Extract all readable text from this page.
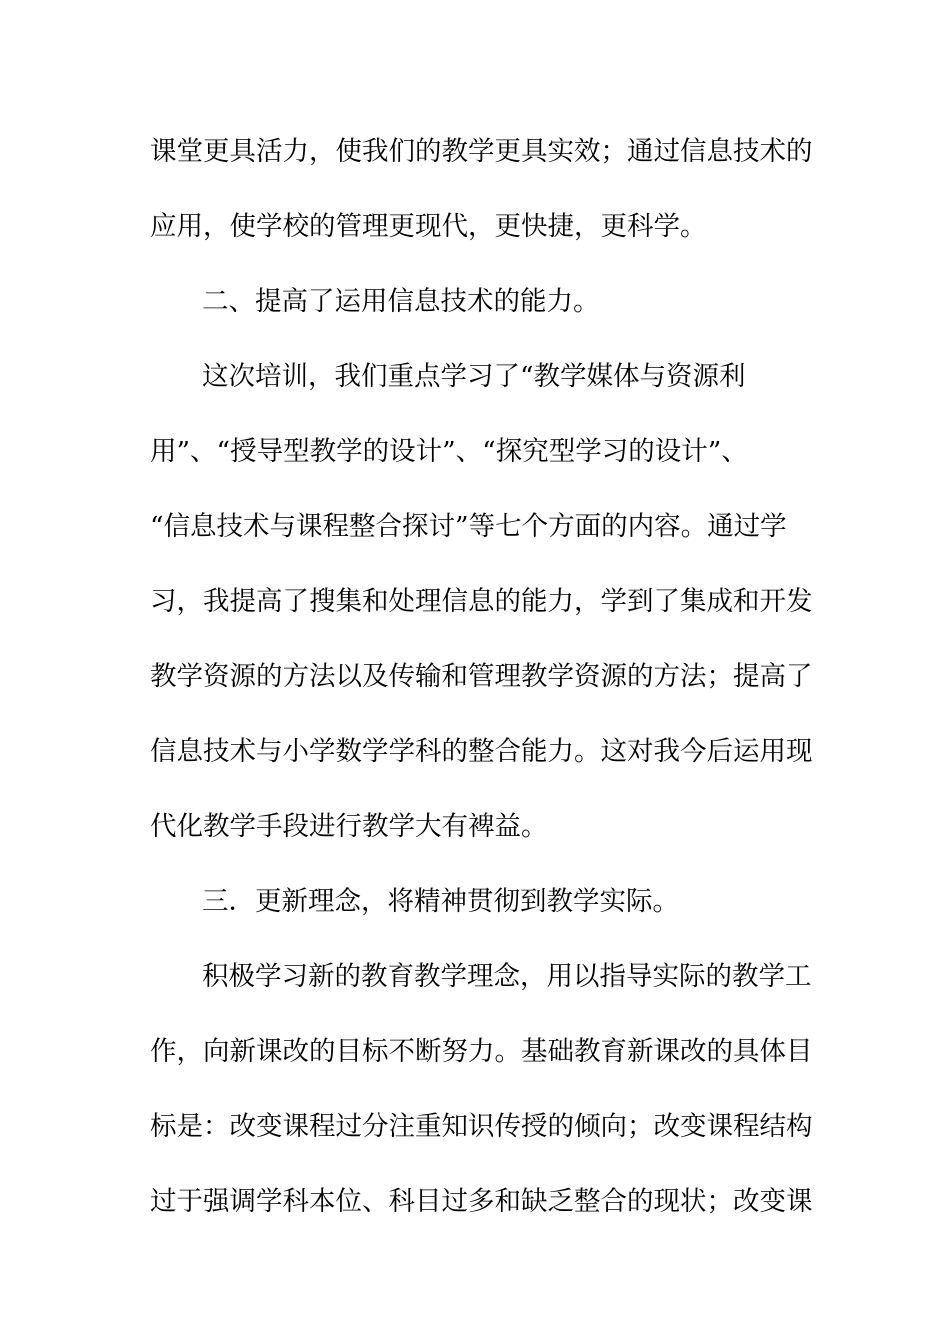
课堂更具活力，使我们的教学更具实效；通过信息技术的
应用，使学校的管理更现代，更快捷，更科学。
二、提高了运用信息技术的能力。
这次培训，我们重点学习了“教学媒体与资源利
用”、“授导型教学的设计”、“探究型学习的设计”、
“信息技术与课程整合探讨”等七个方面的内容。通过学
习，我提高了搜集和处理信息的能力，学到了集成和开发
教学资源的方法以及传输和管理教学资源的方法；提高了
信息技术与小学数学学科的整合能力。这对我今后运用现
代化教学手段进行教学大有裨益。
三．更新理念，将精神贯彻到教学实际。
积极学习新的教育教学理念，用以指导实际的教学工
作，向新课改的目标不断努力。基础教育新课改的具体目
标是：改变课程过分注重知识传授的倾向；改变课程结构
过于强调学科本位、科目过多和缺乏整合的现状；改变课
